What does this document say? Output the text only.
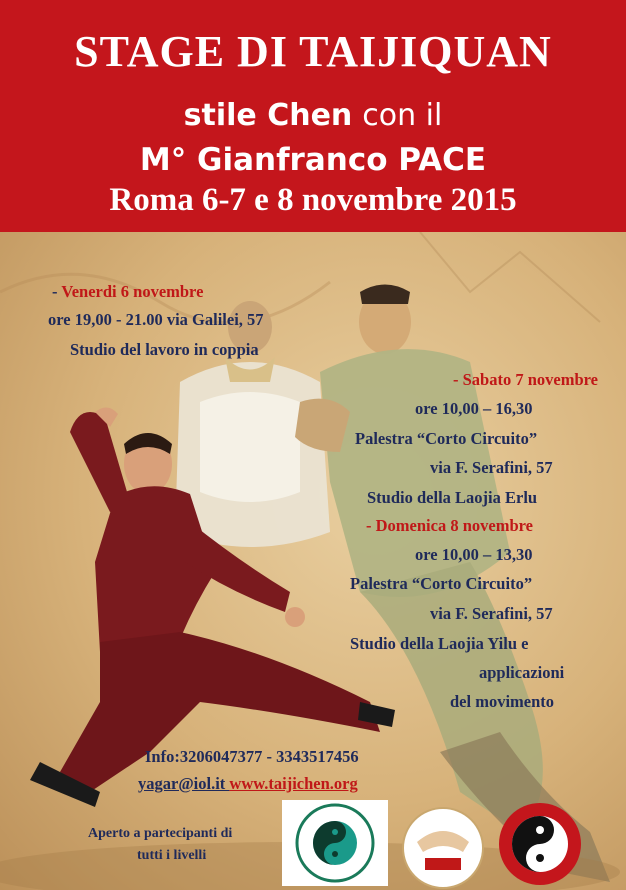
STAGE DI TAIJIQUAN
stile Chen con il
M° Gianfranco PACE
Roma 6-7 e 8 novembre 2015
- Venerdi 6 novembre
ore 19,00 - 21.00 via Galilei, 57
Studio del lavoro in coppia
- Sabato 7 novembre
ore 10,00 – 16,30
Palestra “Corto Circuito”
via F. Serafini, 57
Studio della Laojia Erlu
- Domenica 8 novembre
ore 10,00 – 13,30
Palestra “Corto Circuito”
via F. Serafini, 57
Studio della Laojia Yilu e
applicazioni
del movimento
Info:3206047377 - 3343517456
yagar@iol.it www.taijichen.org
Aperto a partecipanti di
tutti i livelli
